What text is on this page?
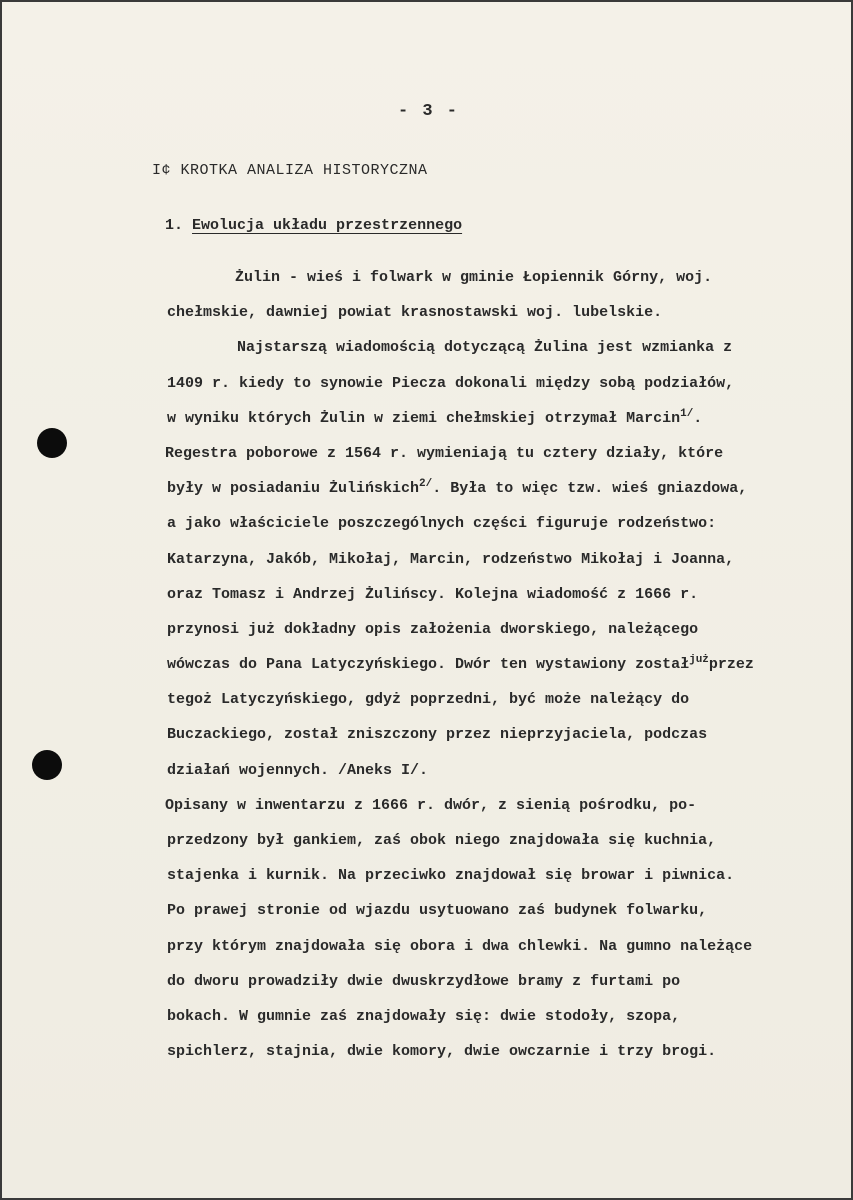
- 3 -
I¢ KROTKA ANALIZA HISTORYCZNA
1. Ewolucja układu przestrzennego
Żulin - wieś i folwark w gminie Łopiennik Górny, woj.
chełmskie, dawniej powiat krasnostawski woj. lubelskie.
Najstarszą wiadomością dotyczącą Żulina jest wzmianka z
1409 r. kiedy to synowie Piecza dokonali między sobą podziałów,
w wyniku których Żulin w ziemi chełmskiej otrzymał Marcin$^{1/}$.
Regestra poborowe z 1564 r. wymieniają tu cztery działy, które
były w posiadaniu Żulińskich$^{2/}$. Była to więc tzw. wieś gniazdowa,
a jako właściciele poszczególnych części figuruje rodzeństwo:
Katarzyna, Jakób, Mikołaj, Marcin, rodzeństwo Mikołaj i Joanna,
oraz Tomasz i Andrzej Żulińscy. Kolejna wiadomość z 1666 r.
przynosi już dokładny opis założenia dworskiego, należącego
wówczas do Pana Latyczyńskiego. Dwór ten wystawiony został$^{już}$przez
tegoż Latyczyńskiego, gdyż poprzedni, być może należący do
Buczackiego, został zniszczony przez nieprzyjaciela, podczas
działań wojennych. /Aneks I/.
Opisany w inwentarzu z 1666 r. dwór, z sienią pośrodku, po-
przedzony był gankiem, zaś obok niego znajdowała się kuchnia,
stajenka i kurnik. Na przeciwko znajdował się browar i piwnica.
Po prawej stronie od wjazdu usytuowano zaś budynek folwarku,
przy którym znajdowała się obora i dwa chlewki. Na gumno należące
do dworu prowadziły dwie dwuskrzydłowe bramy z furtami po
bokach. W gumnie zaś znajdowały się: dwie stodoły, szopa,
spichlerz, stajnia, dwie komory, dwie owczarnie i trzy brogi.
